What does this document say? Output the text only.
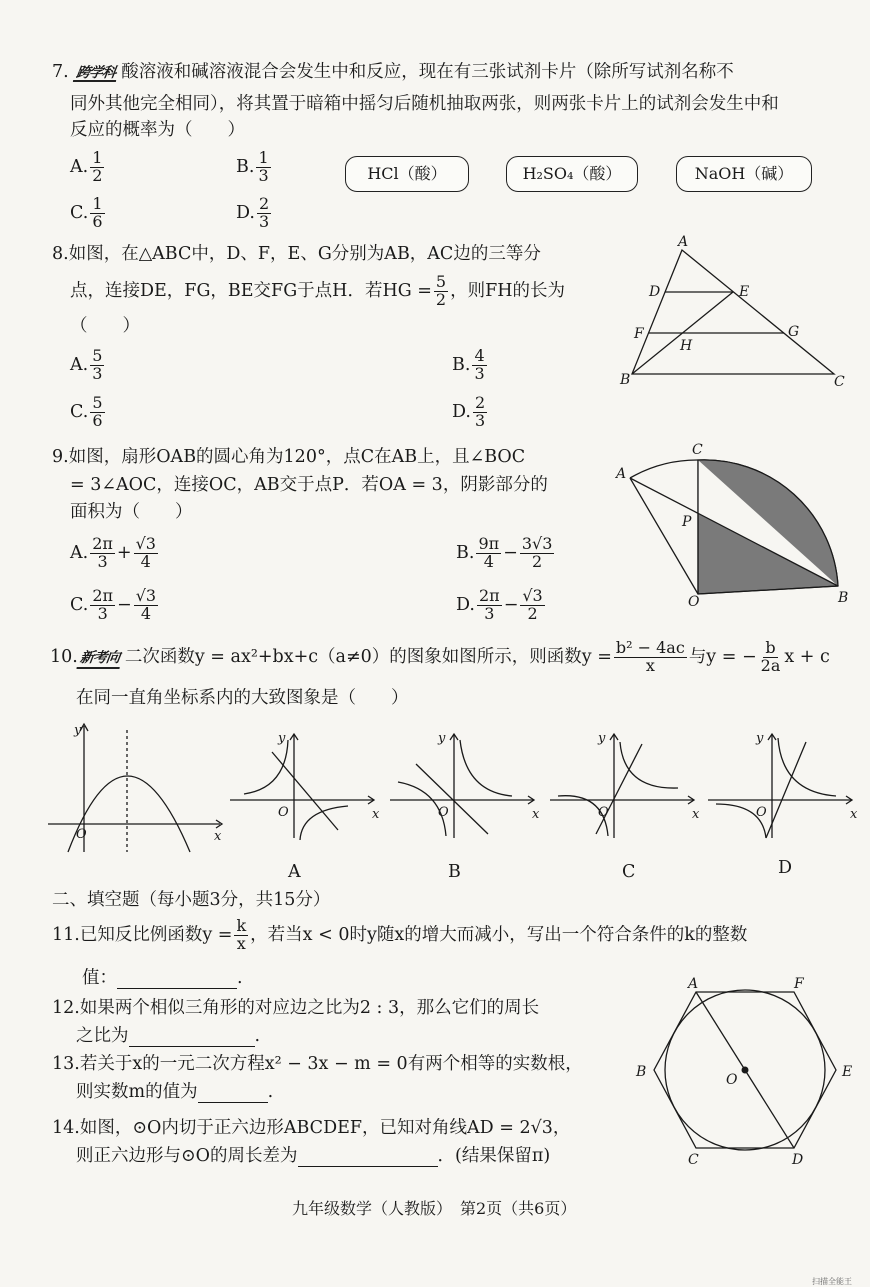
7. 跨学科 酸溶液和碱溶液混合会发生中和反应，现在有三张试剂卡片（除所写试剂名称不
同外其他完全相同），将其置于暗箱中摇匀后随机抽取两张，则两张卡片上的试剂会发生中和
反应的概率为（　　）
A. $\frac{1}{2}$	B. $\frac{1}{3}$
C. $\frac{1}{6}$	D. $\frac{2}{3}$
HCl（酸）	H₂SO₄（酸）	NaOH（碱）
8.如图，在△ABC中，D、F，E、G分别为AB，AC边的三等分
点，连接DE，FG，BE交FG于点H．若HG = $\frac{5}{2}$ ，则FH的长为
（　　）
A. $\frac{5}{3}$	B. $\frac{4}{3}$
C. $\frac{5}{6}$	D. $\frac{2}{3}$
A
D	E
F	G
H
B	C
9.如图，扇形OAB的圆心角为120°，点C在AB上，且∠BOC
= 3∠AOC，连接OC，AB交于点P．若OA = 3，阴影部分的
面积为（　　）
A. $\frac{2\pi}{3} + \frac{√3}{4}$	B. $\frac{9\pi}{4} - \frac{3√3}{2}$
C. $\frac{2\pi}{3} - \frac{√3}{4}$	D. $\frac{2\pi}{3} - \frac{√3}{2}$
C
A
P
O	B
10.新考向 二次函数y = ax²+bx+c（a≠0）的图象如图所示，则函数$y = \frac{\text{b² − 4ac}}{x}$ 与y = − $\frac{b}{2a}$ x + c
在同一直角坐标系内的大致图象是（　　）
y
x
O
y
x
O
A
y
x
O
B
y
x
O
C
y
x
O
D
二、填空题（每小题3分，共15分）
11.已知反比例函数$y = \frac{k}{x}$ ，若当x < 0时y随x的增大而减小，写出一个符合条件的k的整数
值：	.
12.如果两个相似三角形的对应边之比为2 : 3，那么它们的周长
之比为	.
13.若关于x的一元二次方程x² − 3x − m = 0有两个相等的实数根，
则实数m的值为	.
14.如图，⊙O内切于正六边形ABCDEF，已知对角线AD = 2√3，
则正六边形与⊙O的周长差为	．(结果保留π)
A	F
B	O	E
C	D
九年级数学（人教版）　第2页（共6页）
扫描全能王
